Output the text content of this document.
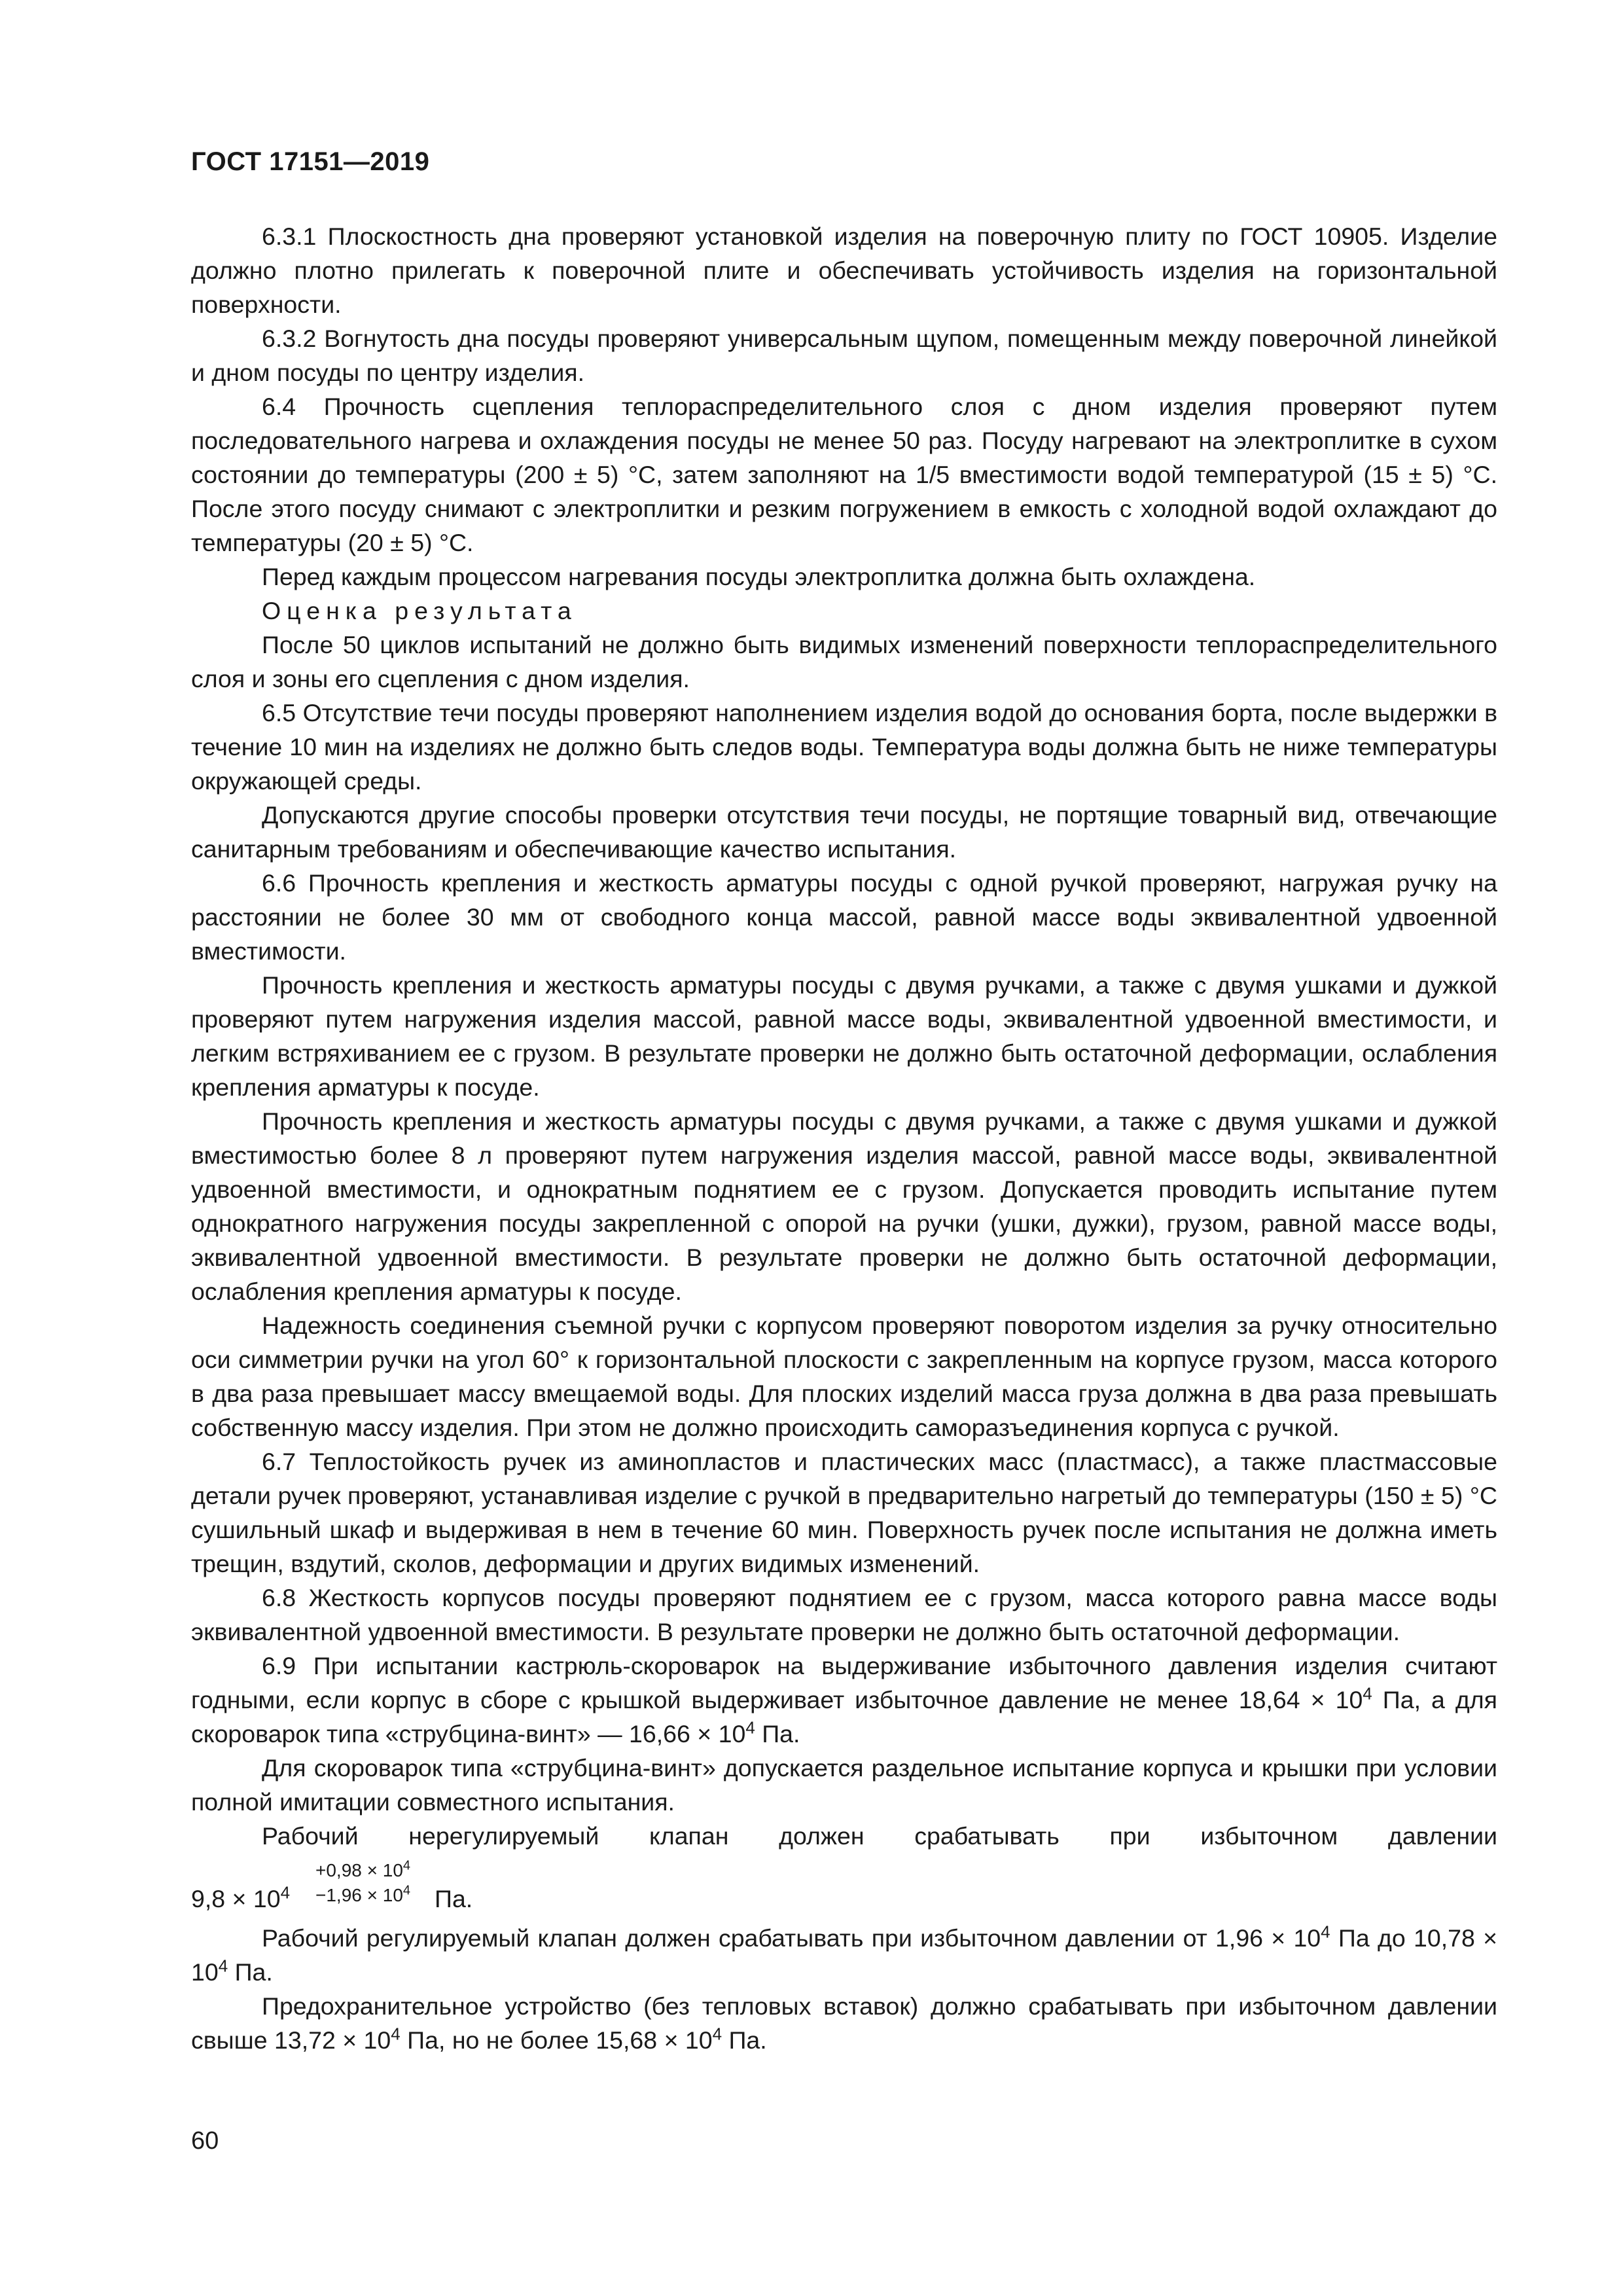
ГОСТ 17151—2019

6.3.1 Плоскостность дна проверяют установкой изделия на поверочную плиту по ГОСТ 10905. Изделие должно плотно прилегать к поверочной плите и обеспечивать устойчивость изделия на горизонтальной поверхности.

6.3.2 Вогнутость дна посуды проверяют универсальным щупом, помещенным между поверочной линейкой и дном посуды по центру изделия.

6.4 Прочность сцепления теплораспределительного слоя с дном изделия проверяют путем последовательного нагрева и охлаждения посуды не менее 50 раз. Посуду нагревают на электроплитке в сухом состоянии до температуры (200 ± 5) °С, затем заполняют на 1/5 вместимости водой температурой (15 ± 5) °С. После этого посуду снимают с электроплитки и резким погружением в емкость с холодной водой охлаждают до температуры (20 ± 5) °С.

Перед каждым процессом нагревания посуды электроплитка должна быть охлаждена.

Оценка результата

После 50 циклов испытаний не должно быть видимых изменений поверхности теплораспределительного слоя и зоны его сцепления с дном изделия.

6.5 Отсутствие течи посуды проверяют наполнением изделия водой до основания борта, после выдержки в течение 10 мин на изделиях не должно быть следов воды. Температура воды должна быть не ниже температуры окружающей среды.

Допускаются другие способы проверки отсутствия течи посуды, не портящие товарный вид, отвечающие санитарным требованиям и обеспечивающие качество испытания.

6.6 Прочность крепления и жесткость арматуры посуды с одной ручкой проверяют, нагружая ручку на расстоянии не более 30 мм от свободного конца массой, равной массе воды эквивалентной удвоенной вместимости.

Прочность крепления и жесткость арматуры посуды с двумя ручками, а также с двумя ушками и дужкой проверяют путем нагружения изделия массой, равной массе воды, эквивалентной удвоенной вместимости, и легким встряхиванием ее с грузом. В результате проверки не должно быть остаточной деформации, ослабления крепления арматуры к посуде.

Прочность крепления и жесткость арматуры посуды с двумя ручками, а также с двумя ушками и дужкой вместимостью более 8 л проверяют путем нагружения изделия массой, равной массе воды, эквивалентной удвоенной вместимости, и однократным поднятием ее с грузом. Допускается проводить испытание путем однократного нагружения посуды закрепленной с опорой на ручки (ушки, дужки), грузом, равной массе воды, эквивалентной удвоенной вместимости. В результате проверки не должно быть остаточной деформации, ослабления крепления арматуры к посуде.

Надежность соединения съемной ручки с корпусом проверяют поворотом изделия за ручку относительно оси симметрии ручки на угол 60° к горизонтальной плоскости с закрепленным на корпусе грузом, масса которого в два раза превышает массу вмещаемой воды. Для плоских изделий масса груза должна в два раза превышать собственную массу изделия. При этом не должно происходить саморазъединения корпуса с ручкой.

6.7 Теплостойкость ручек из аминопластов и пластических масс (пластмасс), а также пластмассовые детали ручек проверяют, устанавливая изделие с ручкой в предварительно нагретый до температуры (150 ± 5) °С сушильный шкаф и выдерживая в нем в течение 60 мин. Поверхность ручек после испытания не должна иметь трещин, вздутий, сколов, деформации и других видимых изменений.

6.8 Жесткость корпусов посуды проверяют поднятием ее с грузом, масса которого равна массе воды эквивалентной удвоенной вместимости. В результате проверки не должно быть остаточной деформации.

6.9 При испытании кастрюль-скороварок на выдерживание избыточного давления изделия считают годными, если корпус в сборе с крышкой выдерживает избыточное давление не менее $18,64 \times 10^4$ Па, а для скороварок типа «струбцина-винт» — $16,66 \times 10^4$ Па.

Для скороварок типа «струбцина-винт» допускается раздельное испытание корпуса и крышки при условии полной имитации совместного испытания.

Рабочий нерегулируемый клапан должен срабатывать при избыточном давлении

$9,8 \times 10^4$
$+0,98 \times 10^4$
$-1,96 \times 10^4$ Па.

Рабочий регулируемый клапан должен срабатывать при избыточном давлении от $1,96 \times 10^4$ Па до $10,78 \times 10^4$ Па.

Предохранительное устройство (без тепловых вставок) должно срабатывать при избыточном давлении свыше $13,72 \times 10^4$ Па, но не более $15,68 \times 10^4$ Па.

60
